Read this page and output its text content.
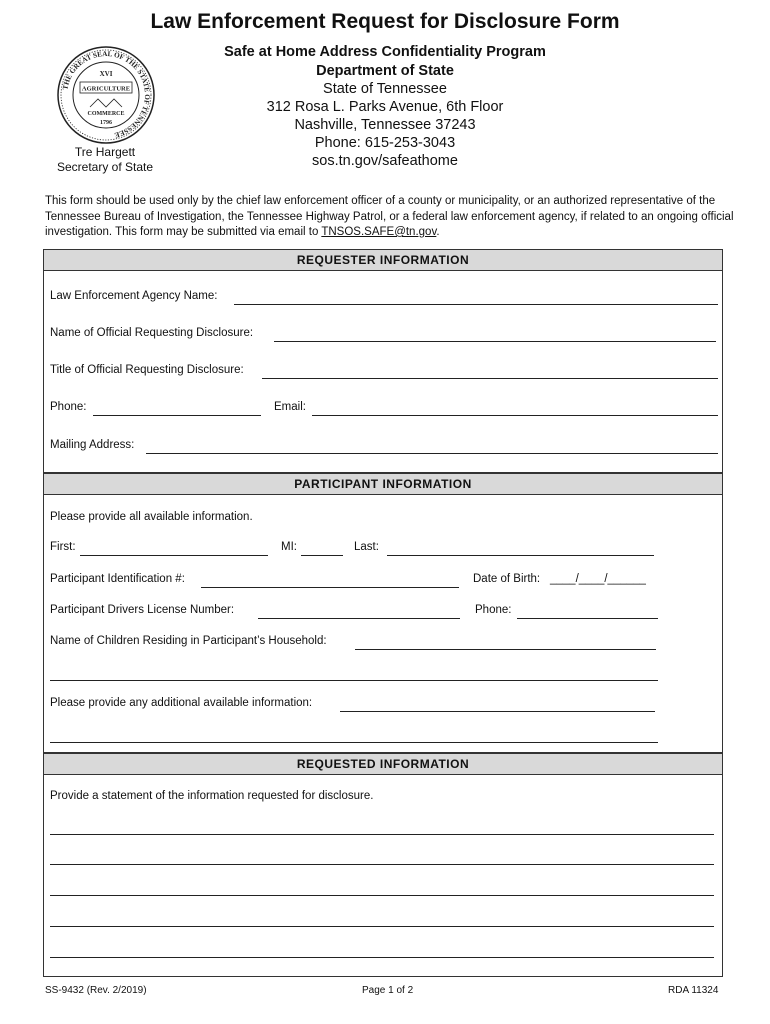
Law Enforcement Request for Disclosure Form
THE GREAT SEAL OF THE STATE OF TENNESSEE
XVI
AGRICULTURE
COMMERCE
1796
Tre Hargett
Secretary of State
Safe at Home Address Confidentiality Program
Department of State
State of Tennessee
312 Rosa L. Parks Avenue, 6th Floor
Nashville, Tennessee 37243
Phone: 615-253-3043
sos.tn.gov/safeathome
This form should be used only by the chief law enforcement officer of a county or municipality, or an authorized representative of the Tennessee Bureau of Investigation, the Tennessee Highway Patrol, or a federal law enforcement agency, if related to an ongoing official investigation. This form may be submitted via email to TNSOS.SAFE@tn.gov.
REQUESTER INFORMATION
Law Enforcement Agency Name:
Name of Official Requesting Disclosure:
Title of Official Requesting Disclosure:
Phone:	Email:
Mailing Address:
PARTICIPANT INFORMATION
Please provide all available information.
First:	MI:	Last:
Participant Identification #:	Date of Birth: ____/____/______
Participant Drivers License Number:	Phone:
Name of Children Residing in Participant’s Household:
Please provide any additional available information:
REQUESTED INFORMATION
Provide a statement of the information requested for disclosure.
SS-9432 (Rev. 2/2019)	Page 1 of 2	RDA 11324
